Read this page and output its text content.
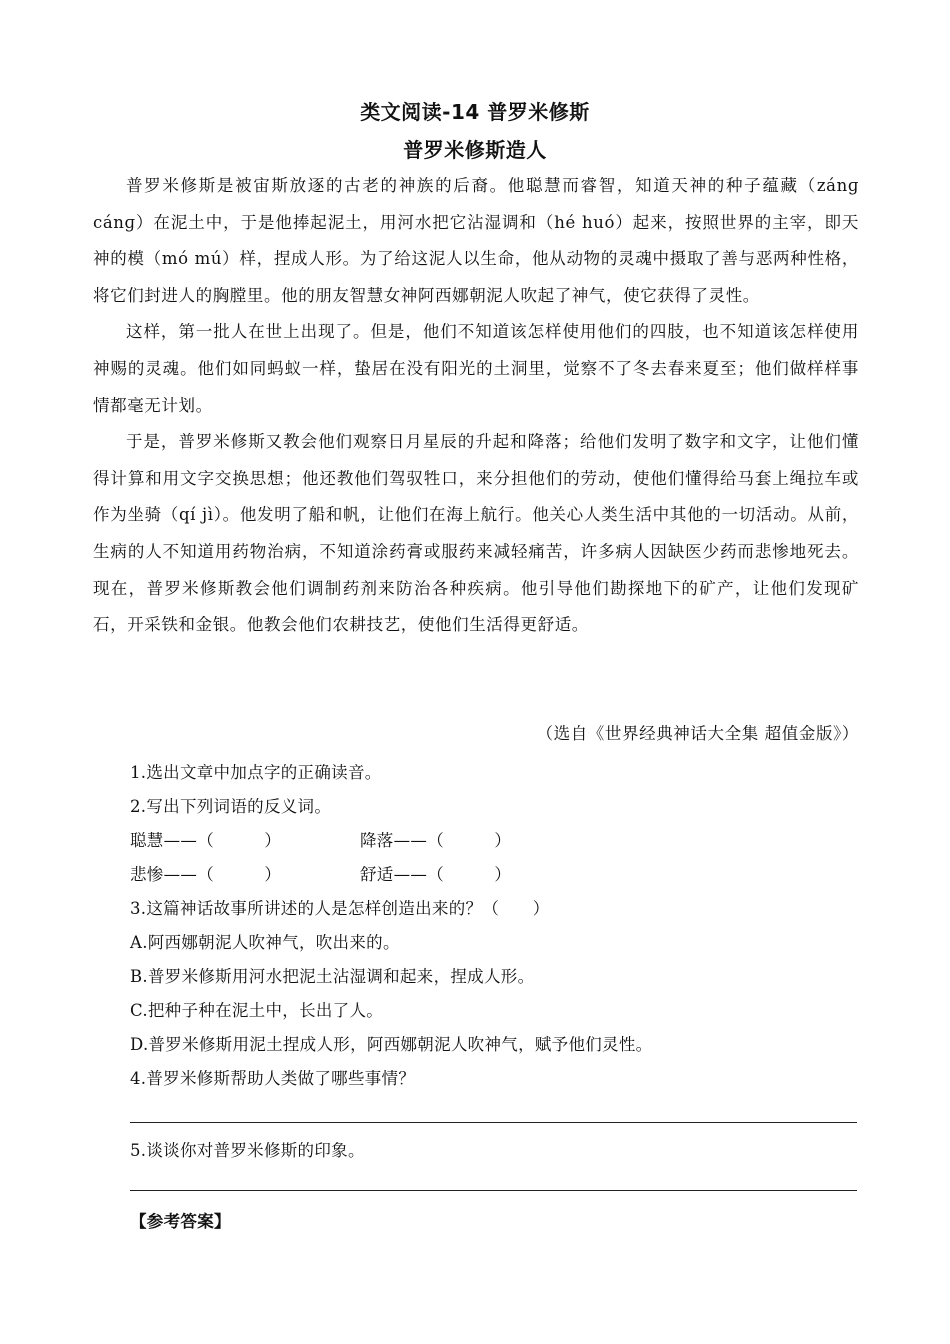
类文阅读-14 普罗米修斯
普罗米修斯造人

普罗米修斯是被宙斯放逐的古老的神族的后裔。他聪慧而睿智，知道天神的种子蕴藏（zánɡ cánɡ）在泥土中，于是他捧起泥土，用河水把它沾湿调和（hé huó）起来，按照世界的主宰，即天神的模（mó mú）样，捏成人形。为了给这泥人以生命，他从动物的灵魂中摄取了善与恶两种性格，将它们封进人的胸膛里。他的朋友智慧女神阿西娜朝泥人吹起了神气，使它获得了灵性。

这样，第一批人在世上出现了。但是，他们不知道该怎样使用他们的四肢，也不知道该怎样使用神赐的灵魂。他们如同蚂蚁一样，蛰居在没有阳光的土洞里，觉察不了冬去春来夏至；他们做样样事情都毫无计划。

于是，普罗米修斯又教会他们观察日月星辰的升起和降落；给他们发明了数字和文字，让他们懂得计算和用文字交换思想；他还教他们驾驭牲口，来分担他们的劳动，使他们懂得给马套上绳拉车或作为坐骑（qí jì）。他发明了船和帆，让他们在海上航行。他关心人类生活中其他的一切活动。从前，生病的人不知道用药物治病，不知道涂药膏或服药来减轻痛苦，许多病人因缺医少药而悲惨地死去。现在，普罗米修斯教会他们调制药剂来防治各种疾病。他引导他们勘探地下的矿产，让他们发现矿石，开采铁和金银。他教会他们农耕技艺，使他们生活得更舒适。

（选自《世界经典神话大全集 超值金版》）
1.选出文章中加点字的正确读音。
2.写出下列词语的反义词。
聪慧——（　　　）	降落——（　　　）
悲惨——（　　　）	舒适——（　　　）
3.这篇神话故事所讲述的人是怎样创造出来的？（　　）
A.阿西娜朝泥人吹神气，吹出来的。
B.普罗米修斯用河水把泥土沾湿调和起来，捏成人形。
C.把种子种在泥土中，长出了人。
D.普罗米修斯用泥土捏成人形，阿西娜朝泥人吹神气，赋予他们灵性。
4.普罗米修斯帮助人类做了哪些事情？
5.谈谈你对普罗米修斯的印象。
【参考答案】
